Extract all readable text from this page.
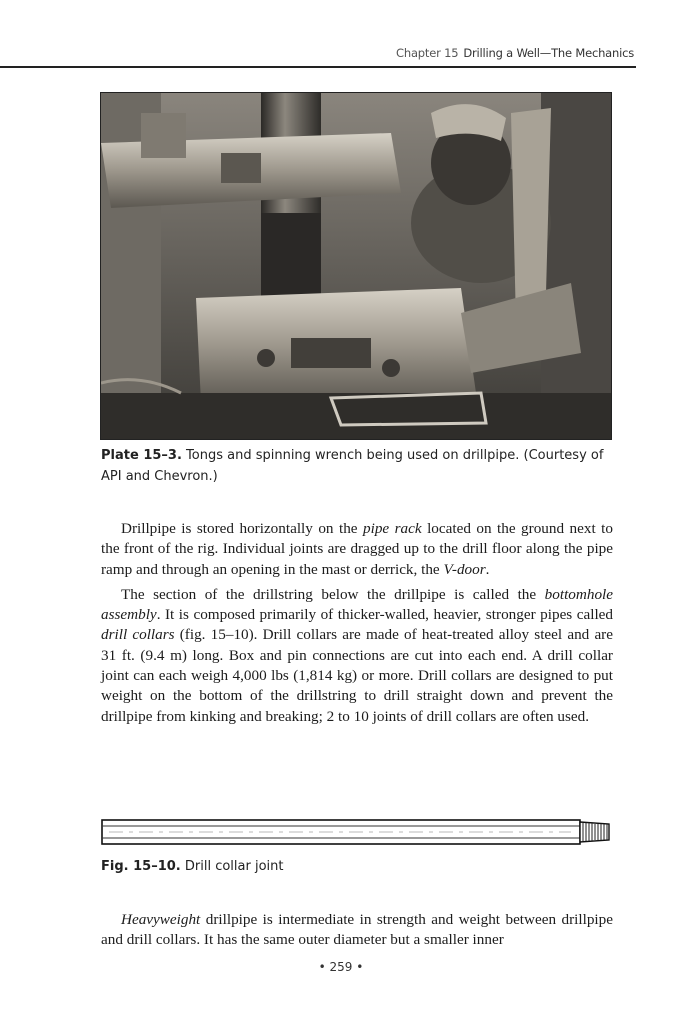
Chapter 15 Drilling a Well—The Mechanics
Plate 15–3. Tongs and spinning wrench being used on drillpipe. (Courtesy of API and Chevron.)

Drillpipe is stored horizontally on the pipe rack located on the ground next to the front of the rig. Individual joints are dragged up to the drill floor along the pipe ramp and through an opening in the mast or derrick, the V-door.

The section of the drillstring below the drillpipe is called the bottomhole assembly. It is composed primarily of thicker-walled, heavier, stronger pipes called drill collars (fig. 15–10). Drill collars are made of heat-treated alloy steel and are 31 ft. (9.4 m) long. Box and pin connections are cut into each end. A drill collar joint can each weigh 4,000 lbs (1,814 kg) or more. Drill collars are designed to put weight on the bottom of the drillstring to drill straight down and prevent the drillpipe from kinking and breaking; 2 to 10 joints of drill collars are often used.

Fig. 15–10. Drill collar joint

Heavyweight drillpipe is intermediate in strength and weight between drillpipe and drill collars. It has the same outer diameter but a smaller inner

• 259 •
